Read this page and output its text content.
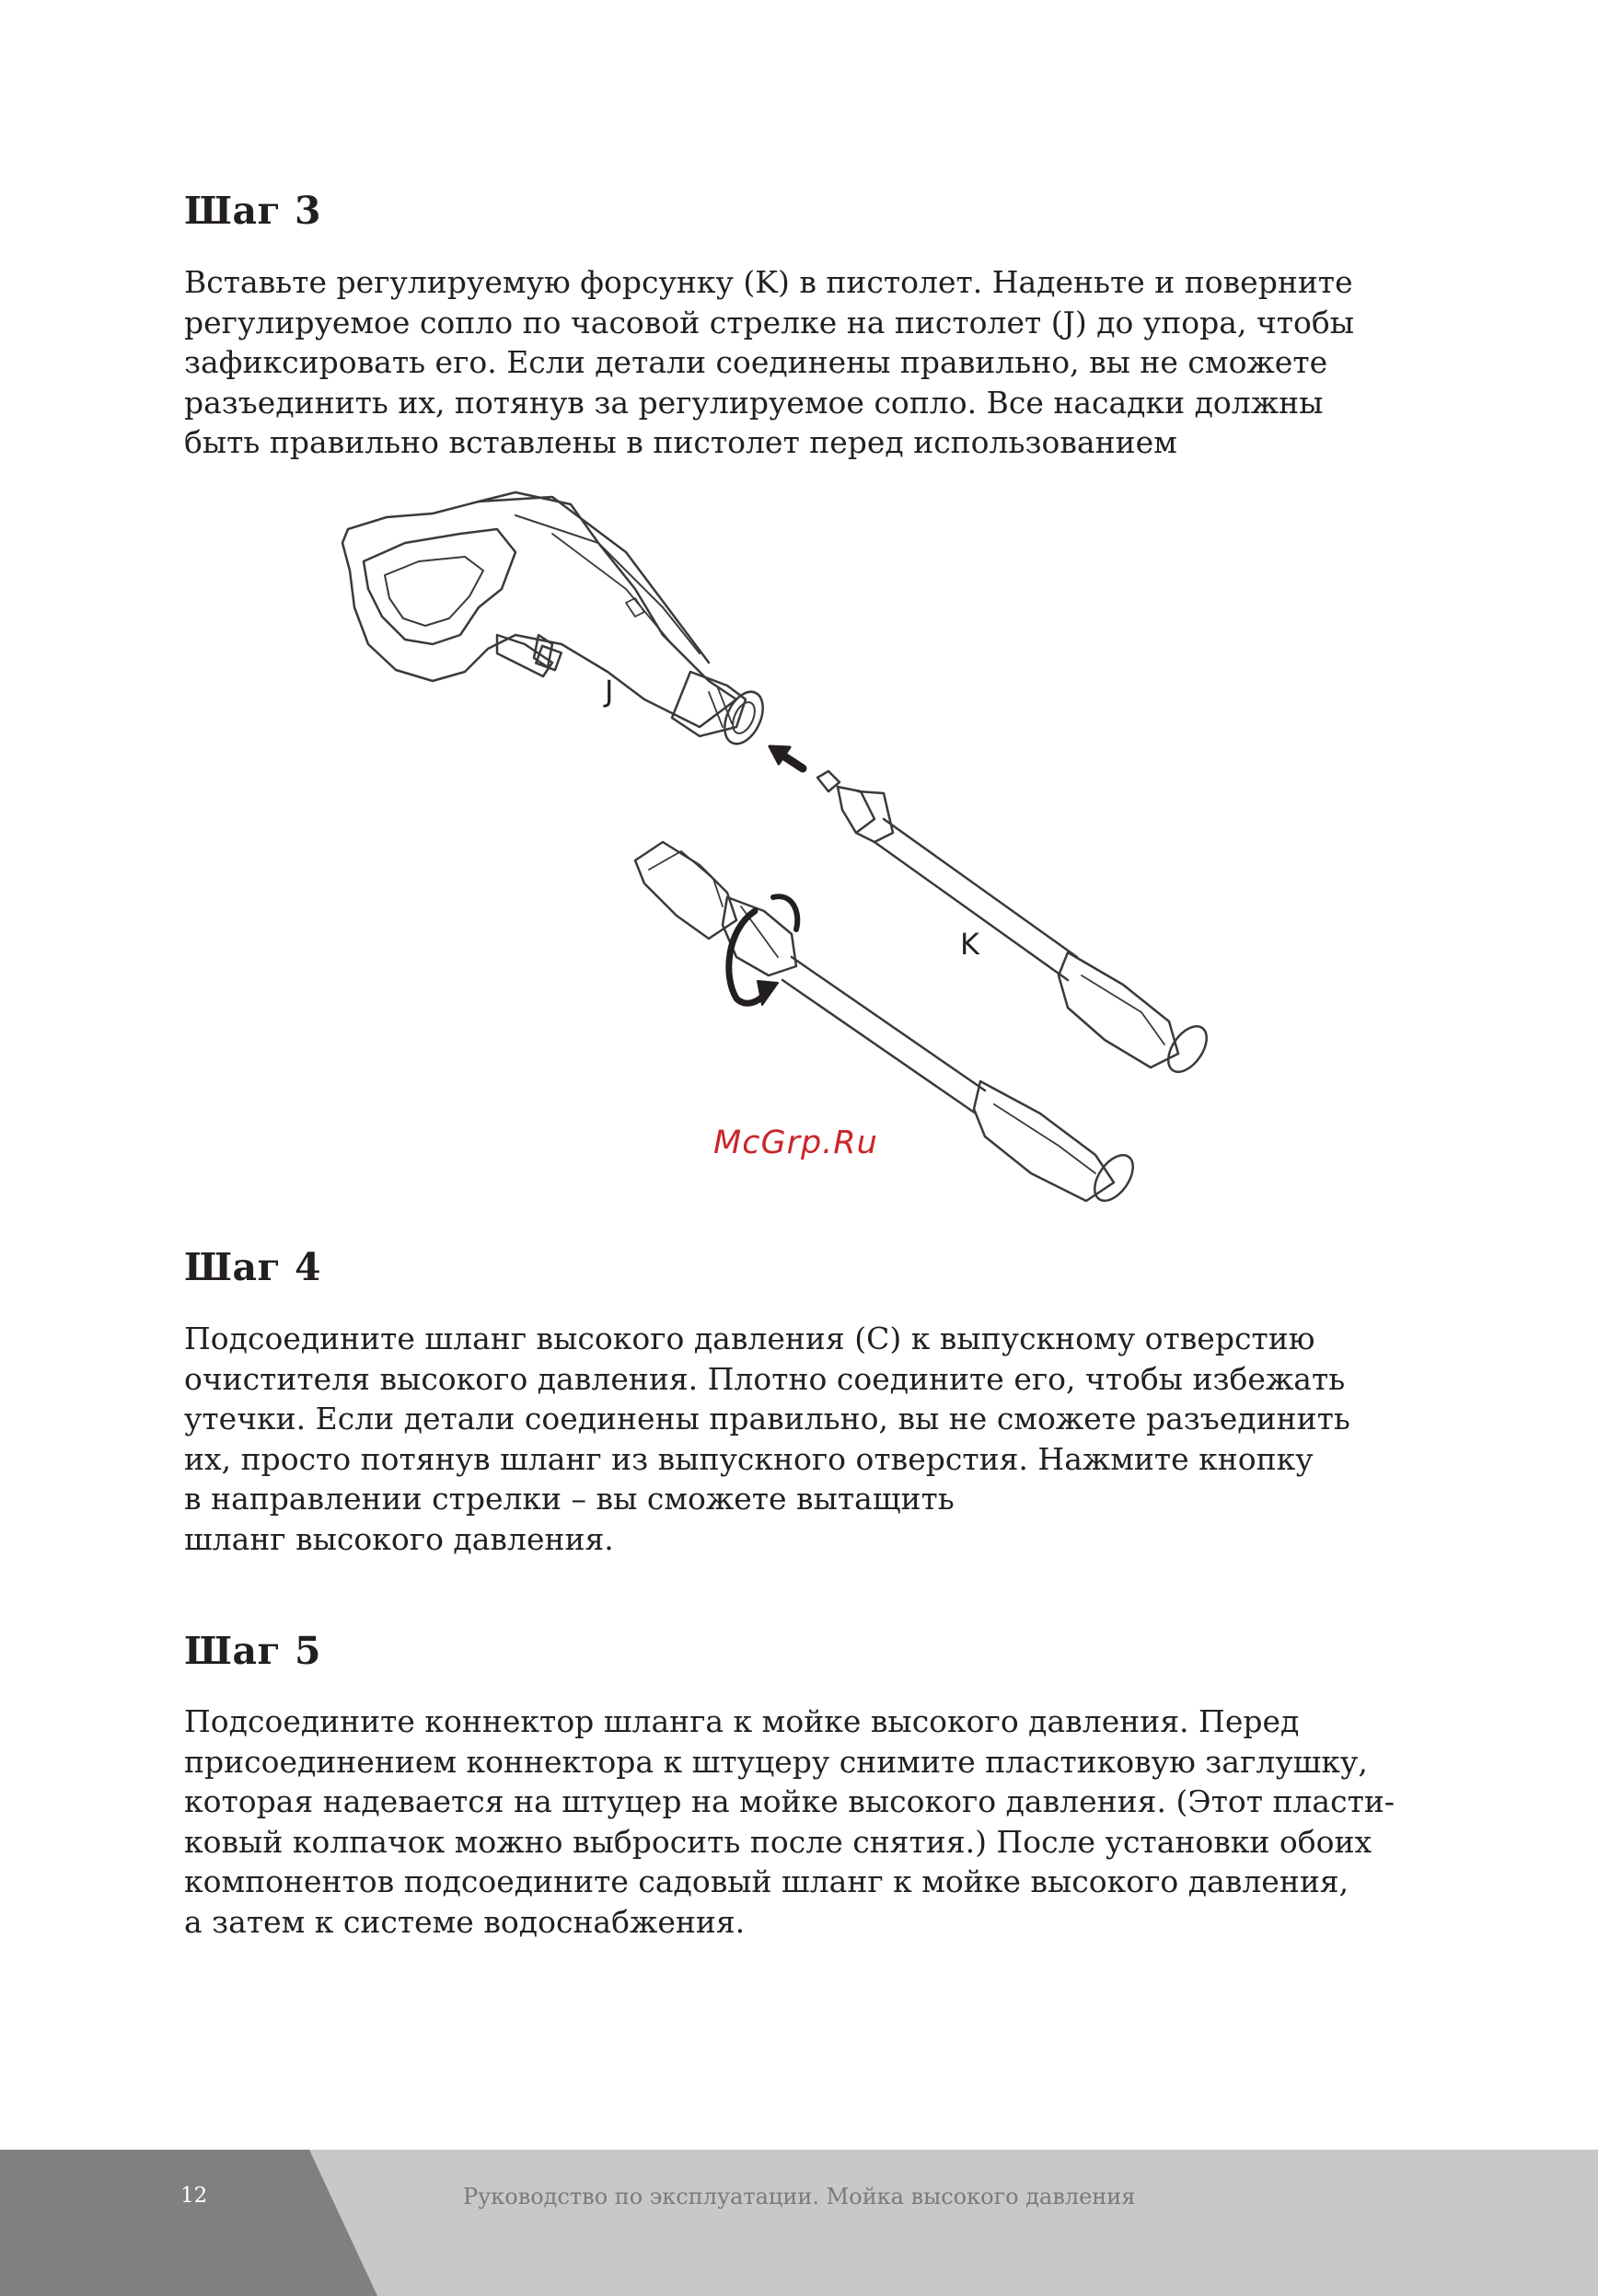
Шаг 3
Вставьте регулируемую форсунку (K) в пистолет. Наденьте и поверните
регулируемое сопло по часовой стрелке на пистолет (J) до упора, чтобы
зафиксировать его. Если детали соединены правильно, вы не сможете
разъединить их, потянув за регулируемое сопло. Все насадки должны
быть правильно вставлены в пистолет перед использованием
J
K
McGrp.Ru
Шаг 4
Подсоедините шланг высокого давления (C) к выпускному отверстию
очистителя высокого давления. Плотно соедините его, чтобы избежать
утечки. Если детали соединены правильно, вы не сможете разъединить
их, просто потянув шланг из выпускного отверстия. Нажмите кнопку
в направлении стрелки – вы сможете вытащить
шланг высокого давления.
Шаг 5
Подсоедините коннектор шланга к мойке высокого давления. Перед
присоединением коннектора к штуцеру снимите пластиковую заглушку,
которая надевается на штуцер на мойке высокого давления. (Этот пласти-
ковый колпачок можно выбросить после снятия.) После установки обоих
компонентов подсоедините садовый шланг к мойке высокого давления,
а затем к системе водоснабжения.
12	Руководство по эксплуатации. Мойка высокого давления
